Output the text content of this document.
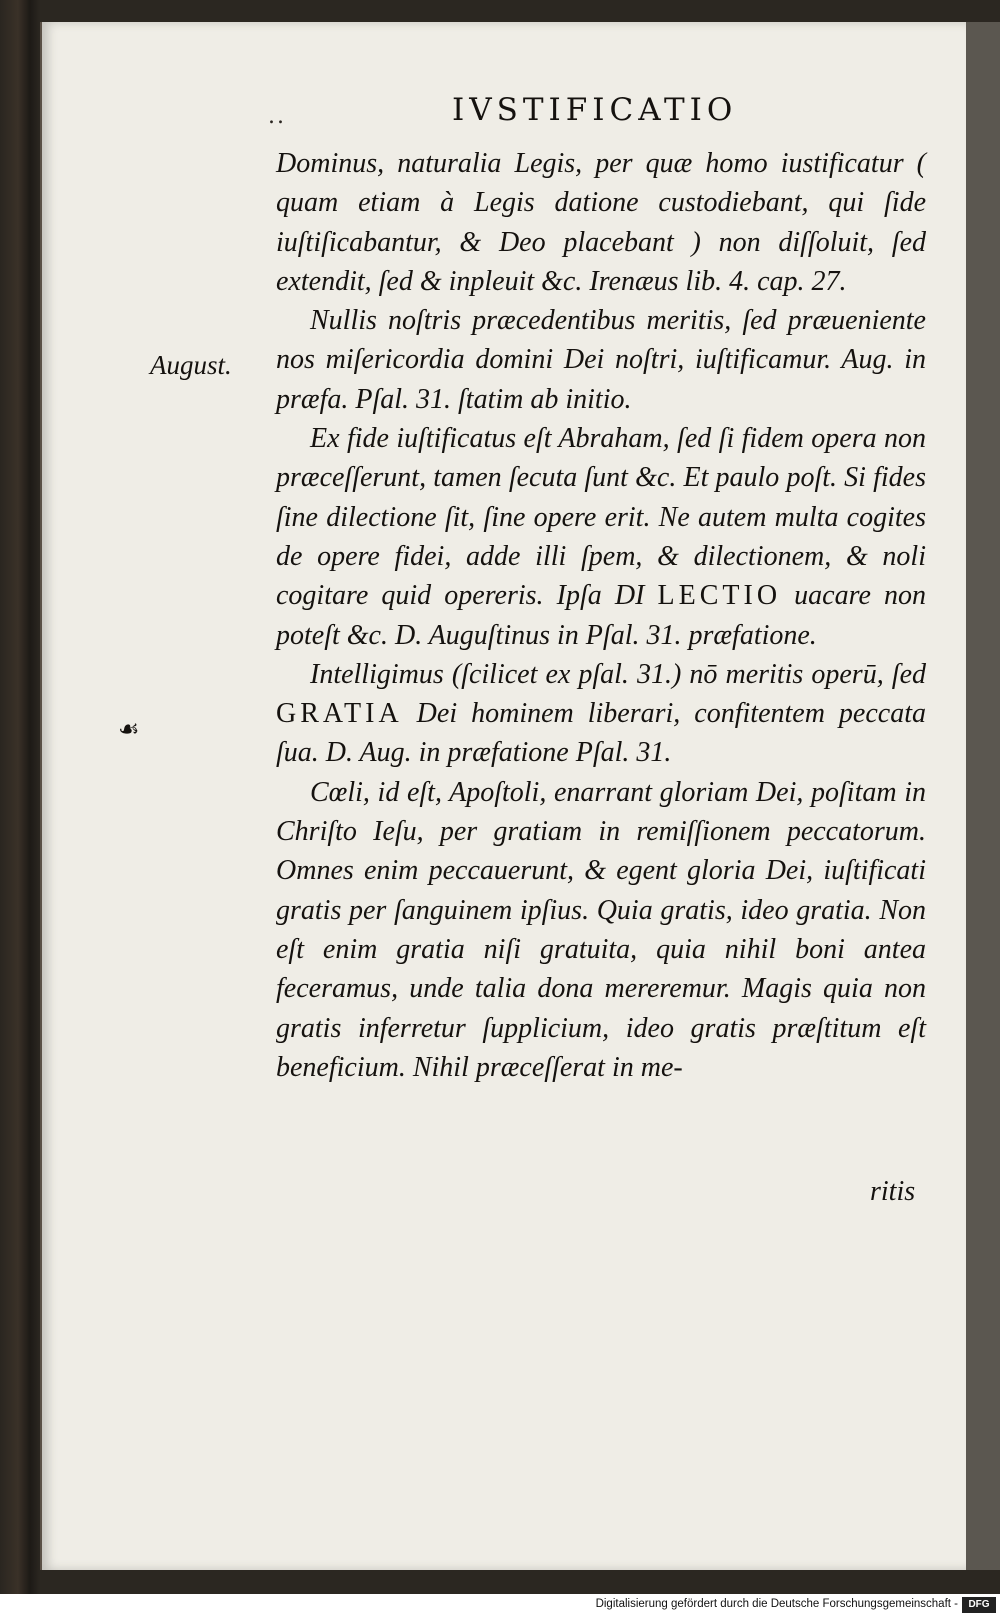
..	IVSTIFICATIO
August.
☙

Dominus, naturalia Legis, per quæ homo iustificatur ( quam etiam à Legis datione custodiebant, qui ſide iuſtiſicabantur, & Deo placebant ) non diſſoluit, ſed extendit, ſed & inpleuit &c. Irenæus lib. 4. cap. 27.

Nullis noſtris præcedentibus meritis, ſed præueniente nos miſericordia domini Dei noſtri, iuſtificamur. Aug. in præfa. Pſal. 31. ſtatim ab initio.

Ex fide iuſtificatus eſt Abraham, ſed ſi fidem opera non præceſſerunt, tamen ſecuta ſunt &c. Et paulo poſt. Si fides ſine dilectione ſit, ſine opere erit. Ne autem multa cogites de opere fidei, adde illi ſpem, & dilectionem, & noli cogitare quid opereris. Ipſa DI LECTIO uacare non poteſt &c. D. Auguſtinus in Pſal. 31. præfatione.

Intelligimus (ſcilicet ex pſal. 31.) nō meritis operū, ſed GRATIA Dei hominem liberari, confitentem peccata ſua. D. Aug. in præfatione Pſal. 31.

Cœli, id eſt, Apoſtoli, enarrant gloriam Dei, poſitam in Chriſto Ieſu, per gratiam in remiſſionem peccatorum. Omnes enim peccauerunt, & egent gloria Dei, iuſtificati gratis per ſanguinem ipſius. Quia gratis, ideo gratia. Non eſt enim gratia niſi gratuita, quia nihil boni antea feceramus, unde talia dona mereremur. Magis quia non gratis inferretur ſupplicium, ideo gratis præſtitum eſt beneficium. Nihil præceſſerat in me-

ritis
Digitalisierung gefördert durch die Deutsche Forschungsgemeinschaft -	DFG
